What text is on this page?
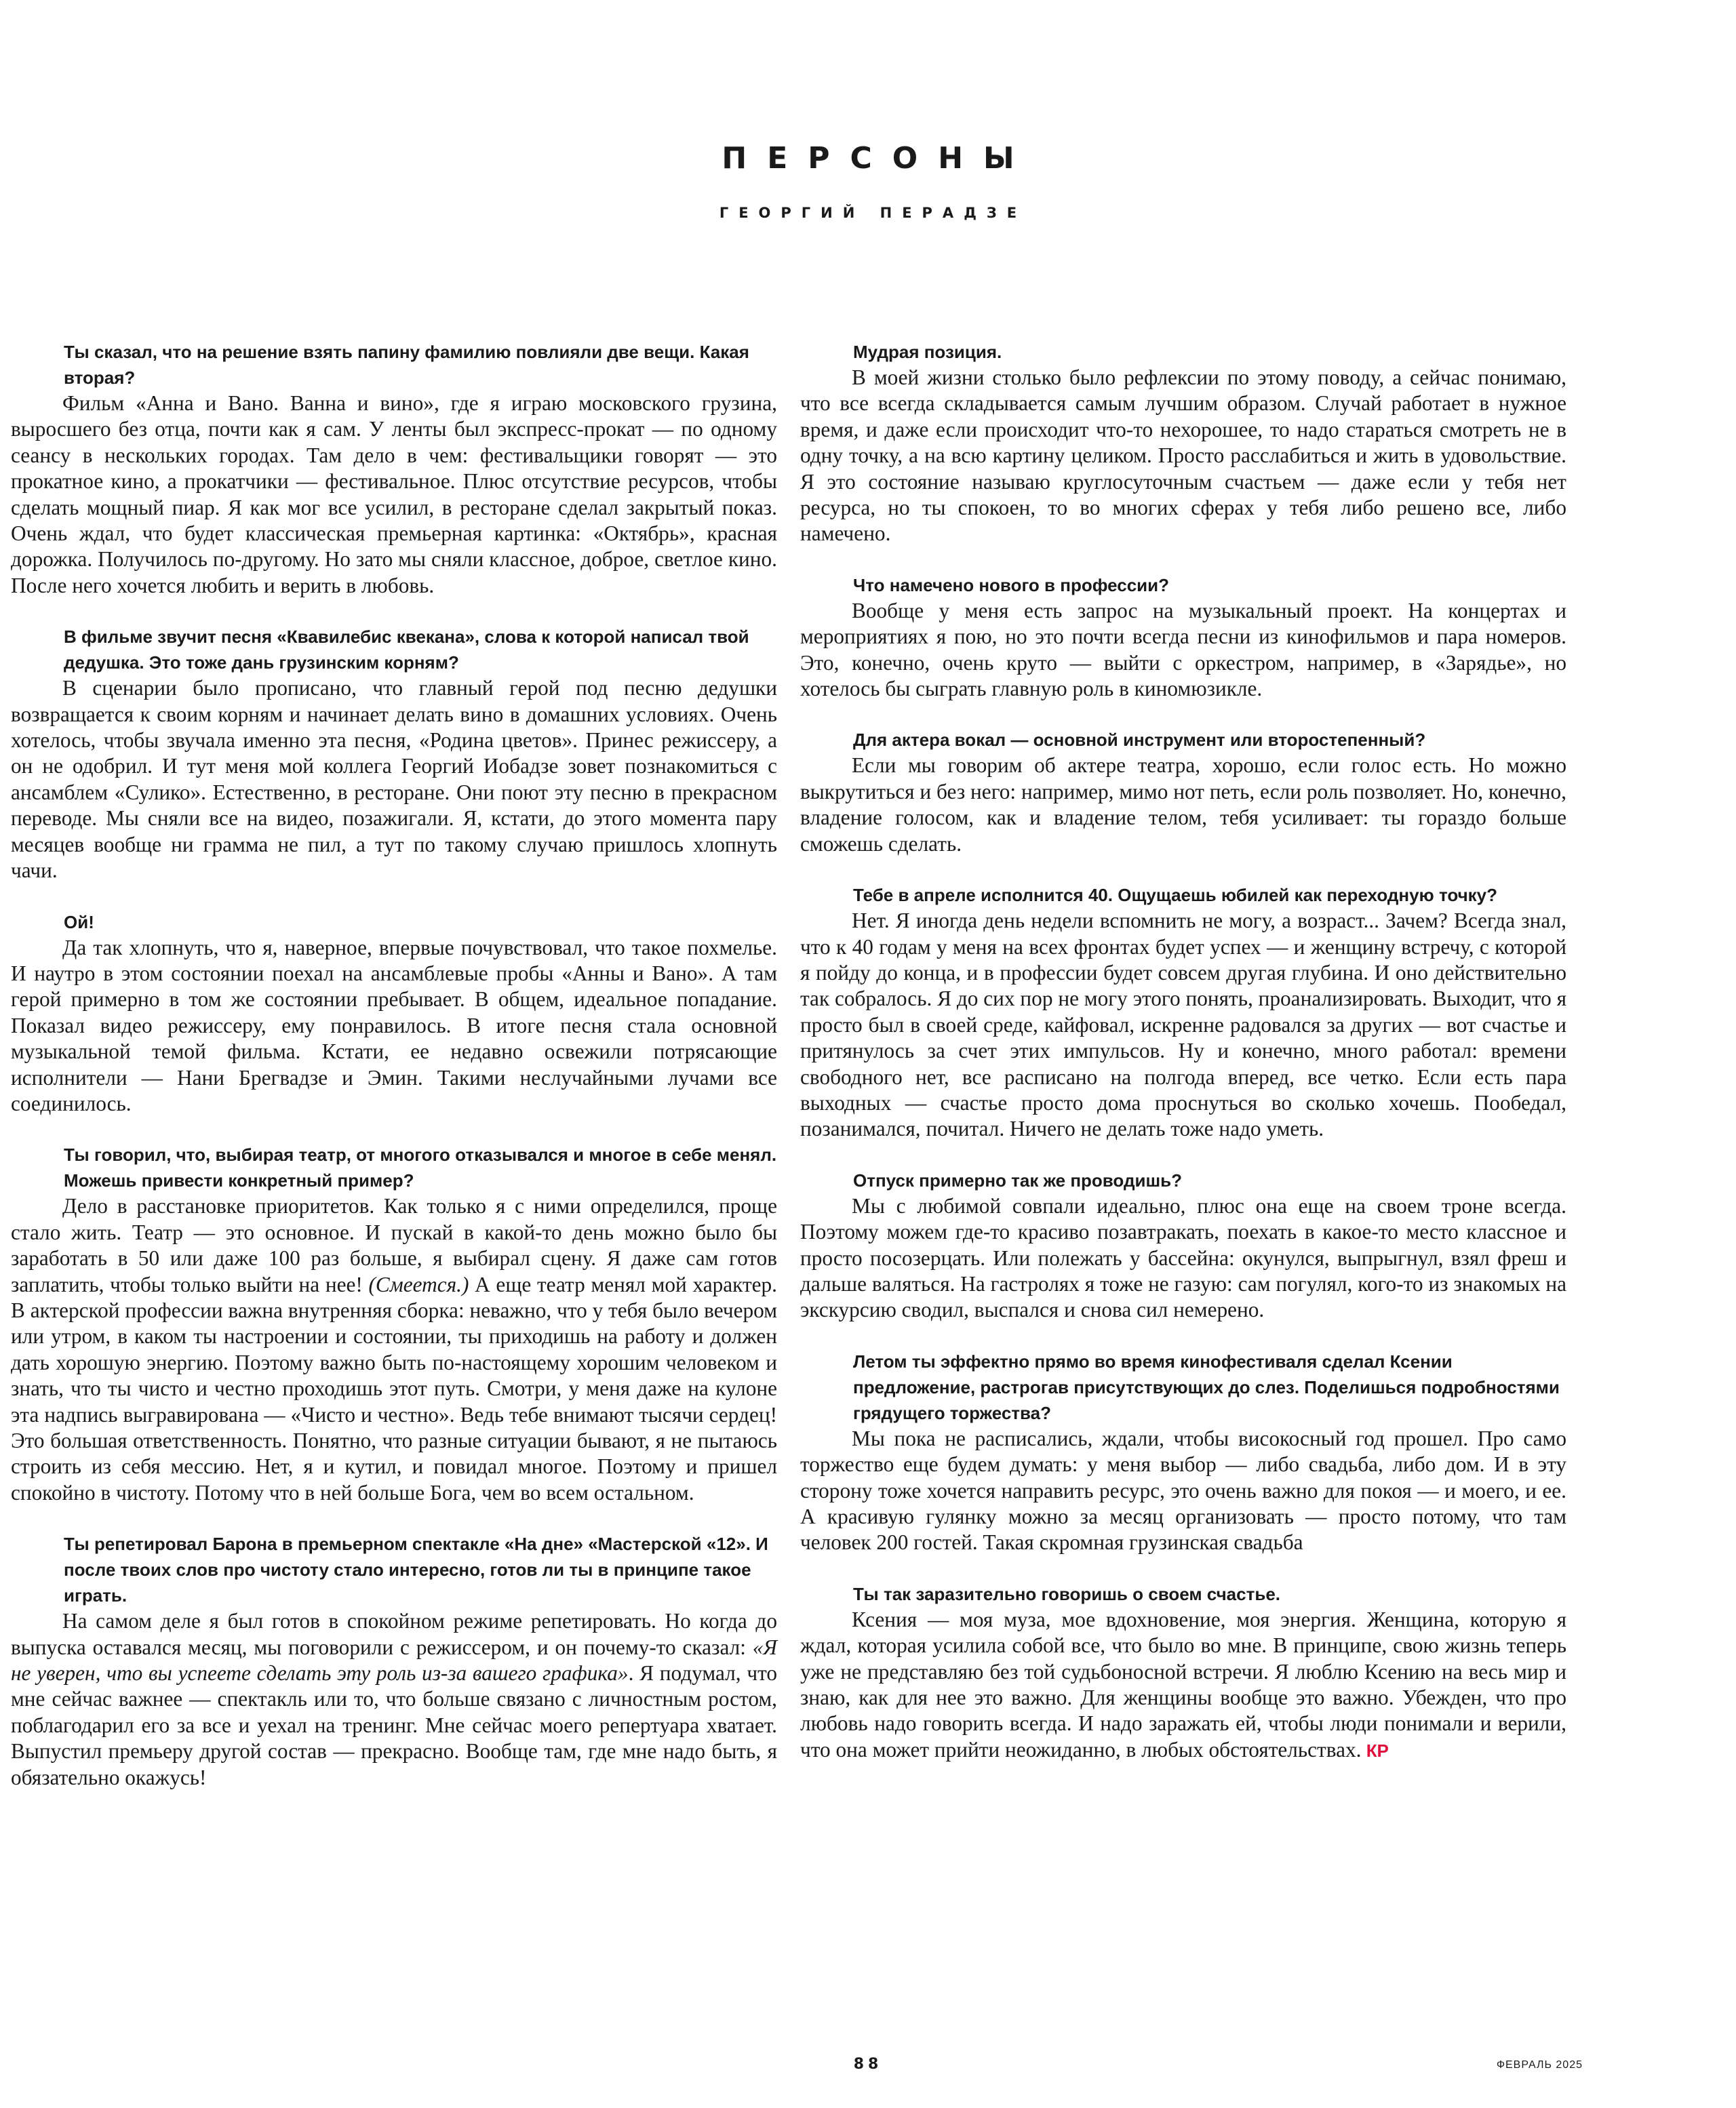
ПЕРСОНЫ
ГЕОРГИЙ ПЕРАДЗЕ

Ты сказал, что на решение взять папину фамилию повлияли две вещи. Какая вторая?

Фильм «Анна и Вано. Ванна и вино», где я играю московского грузина, выросшего без отца, почти как я сам. У ленты был экспресс-прокат — по одному сеансу в нескольких городах. Там дело в чем: фестивальщики говорят — это прокатное кино, а прокатчики — фестивальное. Плюс отсутствие ресурсов, чтобы сделать мощный пиар. Я как мог все усилил, в ресторане сделал закрытый показ. Очень ждал, что будет классическая премьерная картинка: «Октябрь», красная дорожка. Получилось по-другому. Но зато мы сняли классное, доброе, светлое кино. После него хочется любить и верить в любовь.

В фильме звучит песня «Квавилебис квекана», слова к которой написал твой дедушка. Это тоже дань грузинским корням?

В сценарии было прописано, что главный герой под песню дедушки возвращается к своим корням и начинает делать вино в домашних условиях. Очень хотелось, чтобы звучала именно эта песня, «Родина цветов». Принес режиссеру, а он не одобрил. И тут меня мой коллега Георгий Иобадзе зовет познакомиться с ансамблем «Сулико». Естественно, в ресторане. Они поют эту песню в прекрасном переводе. Мы сняли все на видео, позажигали. Я, кстати, до этого момента пару месяцев вообще ни грамма не пил, а тут по такому случаю пришлось хлопнуть чачи.

Ой!

Да так хлопнуть, что я, наверное, впервые почувствовал, что такое похмелье. И наутро в этом состоянии поехал на ансамблевые пробы «Анны и Вано». А там герой примерно в том же состоянии пребывает. В общем, идеальное попадание. Показал видео режиссеру, ему понравилось. В итоге песня стала основной музыкальной темой фильма. Кстати, ее недавно освежили потрясающие исполнители — Нани Брегвадзе и Эмин. Такими неслучайными лучами все соединилось.

Ты говорил, что, выбирая театр, от многого отказывался и многое в себе менял. Можешь привести конкретный пример?

Дело в расстановке приоритетов. Как только я с ними определился, проще стало жить. Театр — это основное. И пускай в какой-то день можно было бы заработать в 50 или даже 100 раз больше, я выбирал сцену. Я даже сам готов заплатить, чтобы только выйти на нее! (Смеется.) А еще театр менял мой характер. В актерской профессии важна внутренняя сборка: неважно, что у тебя было вечером или утром, в каком ты настроении и состоянии, ты приходишь на работу и должен дать хорошую энергию. Поэтому важно быть по-настоящему хорошим человеком и знать, что ты чисто и честно проходишь этот путь. Смотри, у меня даже на кулоне эта надпись выгравирована — «Чисто и честно». Ведь тебе внимают тысячи сердец! Это большая ответственность. Понятно, что разные ситуации бывают, я не пытаюсь строить из себя мессию. Нет, я и кутил, и повидал многое. Поэтому и пришел спокойно в чистоту. Потому что в ней больше Бога, чем во всем остальном.

Ты репетировал Барона в премьерном спектакле «На дне» «Мастерской «12». И после твоих слов про чистоту стало интересно, готов ли ты в принципе такое играть.

На самом деле я был готов в спокойном режиме репетировать. Но когда до выпуска оставался месяц, мы поговорили с режиссером, и он почему-то сказал: «Я не уверен, что вы успеете сделать эту роль из-за вашего графика». Я подумал, что мне сейчас важнее — спектакль или то, что больше связано с личностным ростом, поблагодарил его за все и уехал на тренинг. Мне сейчас моего репертуара хватает. Выпустил премьеру другой состав — прекрасно. Вообще там, где мне надо быть, я обязательно окажусь!

Мудрая позиция.

В моей жизни столько было рефлексии по этому поводу, а сейчас понимаю, что все всегда складывается самым лучшим образом. Случай работает в нужное время, и даже если происходит что-то нехорошее, то надо стараться смотреть не в одну точку, а на всю картину целиком. Просто расслабиться и жить в удовольствие. Я это состояние называю круглосуточным счастьем — даже если у тебя нет ресурса, но ты спокоен, то во многих сферах у тебя либо решено все, либо намечено.

Что намечено нового в профессии?

Вообще у меня есть запрос на музыкальный проект. На концертах и мероприятиях я пою, но это почти всегда песни из кинофильмов и пара номеров. Это, конечно, очень круто — выйти с оркестром, например, в «Зарядье», но хотелось бы сыграть главную роль в киномюзикле.

Для актера вокал — основной инструмент или второстепенный?

Если мы говорим об актере театра, хорошо, если голос есть. Но можно выкрутиться и без него: например, мимо нот петь, если роль позволяет. Но, конечно, владение голосом, как и владение телом, тебя усиливает: ты гораздо больше сможешь сделать.

Тебе в апреле исполнится 40. Ощущаешь юбилей как переходную точку?

Нет. Я иногда день недели вспомнить не могу, а возраст... Зачем? Всегда знал, что к 40 годам у меня на всех фронтах будет успех — и женщину встречу, с которой я пойду до конца, и в профессии будет совсем другая глубина. И оно действительно так собралось. Я до сих пор не могу этого понять, проанализировать. Выходит, что я просто был в своей среде, кайфовал, искренне радовался за других — вот счастье и притянулось за счет этих импульсов. Ну и конечно, много работал: времени свободного нет, все расписано на полгода вперед, все четко. Если есть пара выходных — счастье просто дома проснуться во сколько хочешь. Пообедал, позанимался, почитал. Ничего не делать тоже надо уметь.

Отпуск примерно так же проводишь?

Мы с любимой совпали идеально, плюс она еще на своем троне всегда. Поэтому можем где-то красиво позавтракать, поехать в какое-то место классное и просто посозерцать. Или полежать у бассейна: окунулся, выпрыгнул, взял фреш и дальше валяться. На гастролях я тоже не газую: сам погулял, кого-то из знакомых на экскурсию сводил, выспался и снова сил немерено.

Летом ты эффектно прямо во время кинофестиваля сделал Ксении предложение, растрогав присутствующих до слез. Поделишься подробностями грядущего торжества?

Мы пока не расписались, ждали, чтобы високосный год прошел. Про само торжество еще будем думать: у меня выбор — либо свадьба, либо дом. И в эту сторону тоже хочется направить ресурс, это очень важно для покоя — и моего, и ее. А красивую гулянку можно за месяц организовать — просто потому, что там человек 200 гостей. Такая скромная грузинская свадьба

Ты так заразительно говоришь о своем счастье.

Ксения — моя муза, мое вдохновение, моя энергия. Женщина, которую я ждал, которая усилила собой все, что было во мне. В принципе, свою жизнь теперь уже не представляю без той судьбоносной встречи. Я люблю Ксению на весь мир и знаю, как для нее это важно. Для женщины вообще это важно. Убежден, что про любовь надо говорить всегда. И надо заражать ей, чтобы люди понимали и верили, что она может прийти неожиданно, в любых обстоятельствах. КР

88	ФЕВРАЛЬ 2025
